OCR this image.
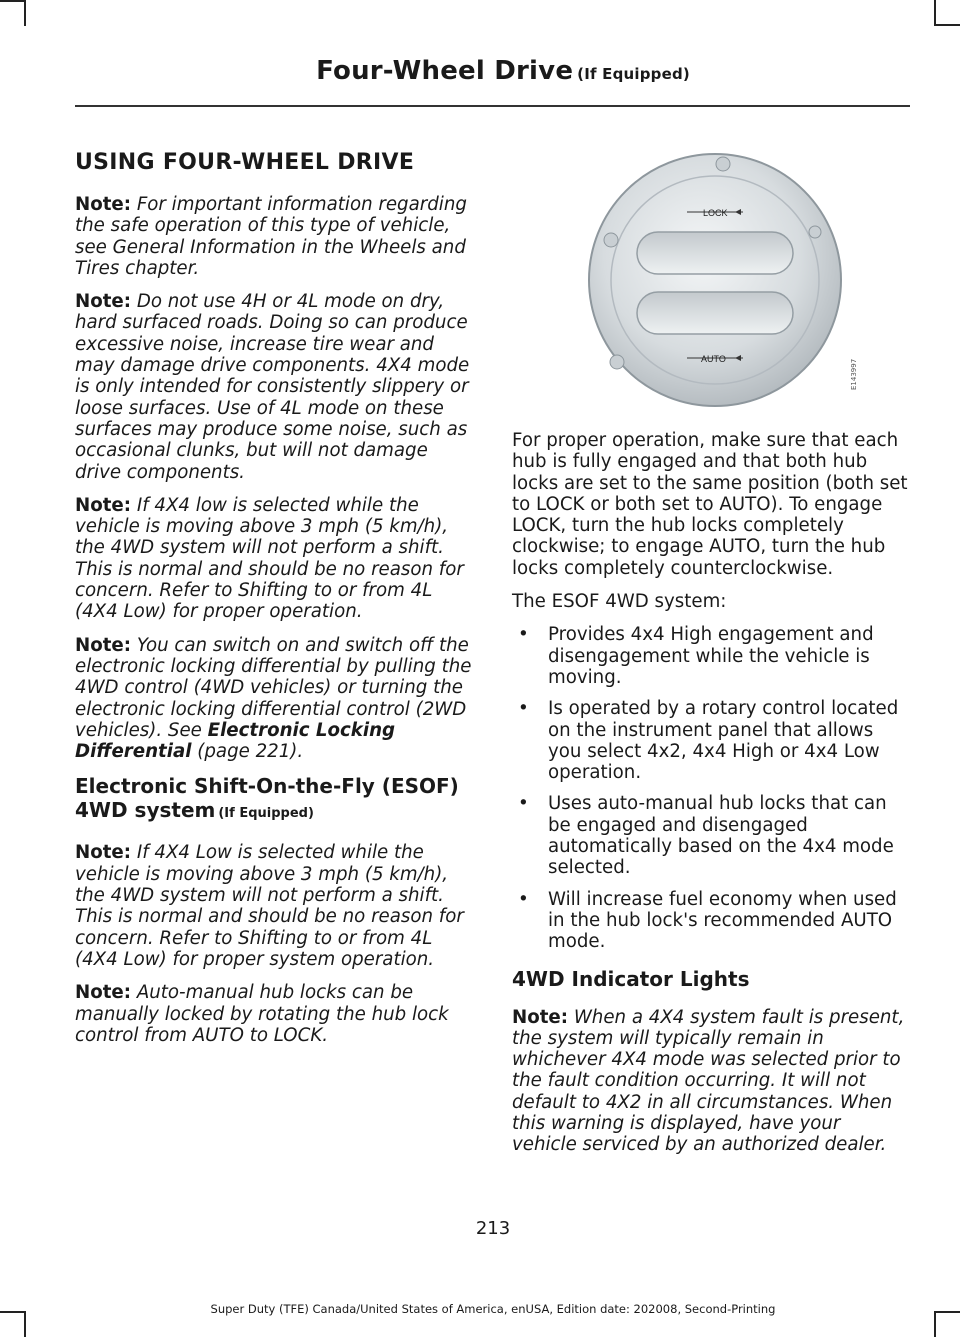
Four-Wheel Drive (If Equipped)
USING FOUR-WHEEL DRIVE

Note: For important information regarding the safe operation of this type of vehicle, see General Information in the Wheels and Tires chapter.

Note: Do not use 4H or 4L mode on dry, hard surfaced roads. Doing so can produce excessive noise, increase tire wear and may damage drive components. 4X4 mode is only intended for consistently slippery or loose surfaces. Use of 4L mode on these surfaces may produce some noise, such as occasional clunks, but will not damage drive components.

Note: If 4X4 low is selected while the vehicle is moving above 3 mph (5 km/h), the 4WD system will not perform a shift. This is normal and should be no reason for concern. Refer to Shifting to or from 4L (4X4 Low) for proper operation.

Note: You can switch on and switch off the electronic locking differential by pulling the 4WD control (4WD vehicles) or turning the electronic locking differential control (2WD vehicles). See Electronic Locking Differential (page 221).

Electronic Shift-On-the-Fly (ESOF) 4WD system (If Equipped)

Note: If 4X4 Low is selected while the vehicle is moving above 3 mph (5 km/h), the 4WD system will not perform a shift. This is normal and should be no reason for concern. Refer to Shifting to or from 4L (4X4 Low) for proper system operation.

Note: Auto-manual hub locks can be manually locked by rotating the hub lock control from AUTO to LOCK.

LOCK
AUTO	E143997

For proper operation, make sure that each hub is fully engaged and that both hub locks are set to the same position (both set to LOCK or both set to AUTO). To engage LOCK, turn the hub locks completely clockwise; to engage AUTO, turn the hub locks completely counterclockwise.

The ESOF 4WD system:

• Provides 4x4 High engagement and disengagement while the vehicle is moving.
• Is operated by a rotary control located on the instrument panel that allows you select 4x2, 4x4 High or 4x4 Low operation.
• Uses auto-manual hub locks that can be engaged and disengaged automatically based on the 4x4 mode selected.
• Will increase fuel economy when used in the hub lock's recommended AUTO mode.
4WD Indicator Lights

Note: When a 4X4 system fault is present, the system will typically remain in whichever 4X4 mode was selected prior to the fault condition occurring. It will not default to 4X2 in all circumstances. When this warning is displayed, have your vehicle serviced by an authorized dealer.

213
Super Duty (TFE) Canada/United States of America, enUSA, Edition date: 202008, Second-Printing
